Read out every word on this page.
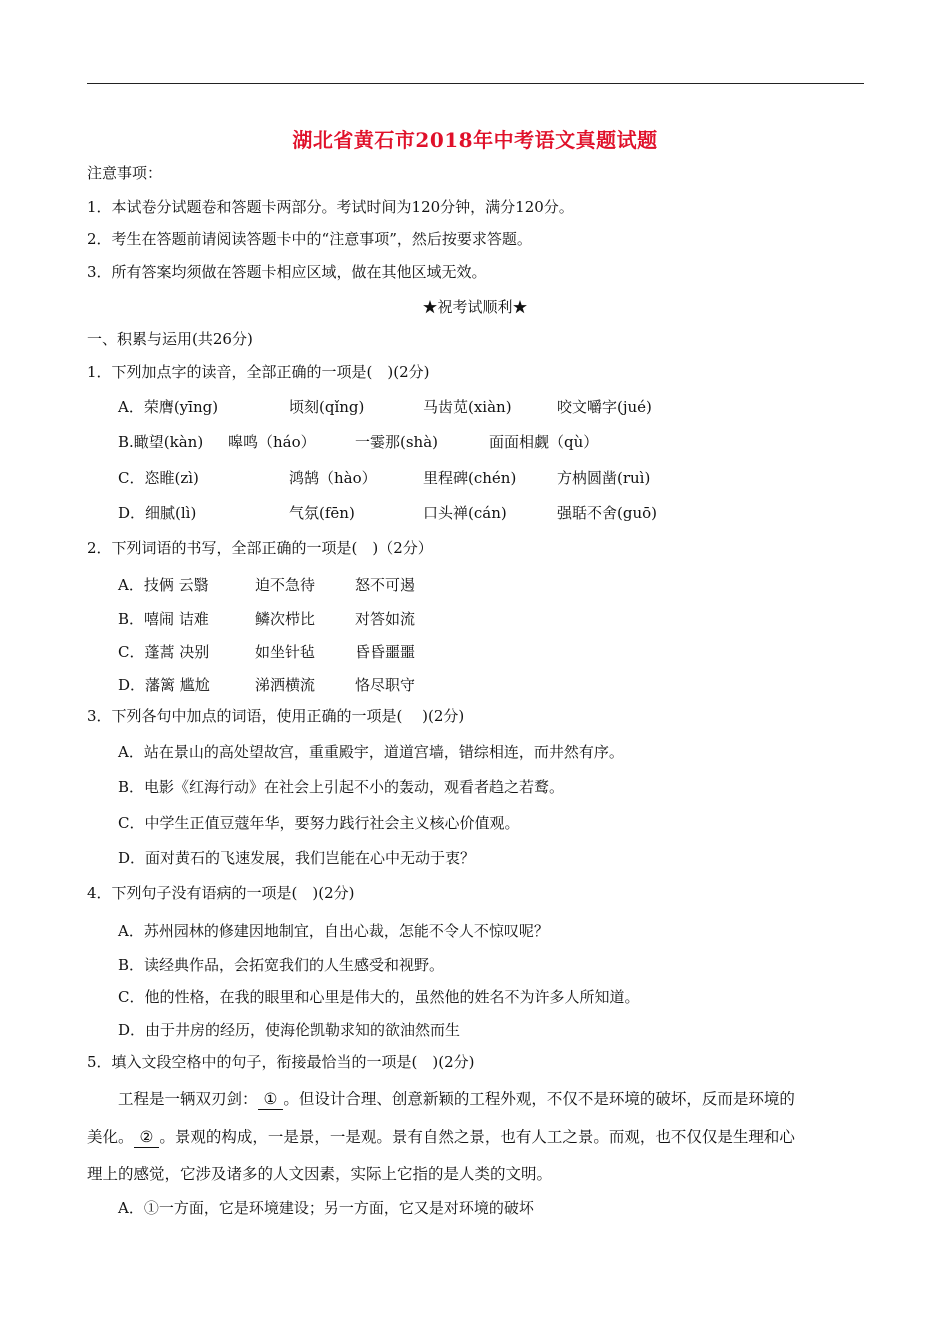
湖北省黄石市2018年中考语文真题试题
注意事项：
1．本试卷分试题卷和答题卡两部分。考试时间为120分钟，满分120分。
2．考生在答题前请阅读答题卡中的“注意事项”，然后按要求答题。
3．所有答案均须做在答题卡相应区域，做在其他区域无效。
★祝考试顺利★
一、积累与运用(共26分)
1．下列加点字的读音，全部正确的一项是(　)(2分)
A．荣膺(yīng)	顷刻(qǐng)	马齿苋(xiàn)	咬文嚼字(jué)
B.瞰望(kàn) 嗥鸣（háo）	一霎那(shà)	面面相觑（qù）
C．恣睢(zì)	鸿鹄（hào）	里程碑(chén)	方枘圆凿(ruì)
D．细腻(lì)	气氛(fēn)	口头禅(cán)	强聒不舍(guō)
2．下列词语的书写，全部正确的一项是(　)（2分）
A．技俩 云翳	迫不急待	怒不可遏
B．嘻闹 诘难	鳞次栉比	对答如流
C．蓬蒿 决别	如坐针毡	昏昏噩噩
D．藩篱 尴尬	涕洒横流	恪尽职守
3．下列各句中加点的词语，使用正确的一项是(　 )(2分)
A．站在景山的高处望故宫，重重殿宇，道道宫墙，错综相连，而井然有序。
B．电影《红海行动》在社会上引起不小的轰动，观看者趋之若鹜。
C．中学生正值豆蔻年华，要努力践行社会主义核心价值观。
D．面对黄石的飞速发展，我们岂能在心中无动于衷？
4．下列句子没有语病的一项是(　)(2分)
A．苏州园林的修建因地制宜，自出心裁，怎能不令人不惊叹呢？
B．读经典作品，会拓宽我们的人生感受和视野。
C．他的性格，在我的眼里和心里是伟大的，虽然他的姓名不为许多人所知道。
D．由于井房的经历，使海伦凯勒求知的欲油然而生
5．填入文段空格中的句子，衔接最恰当的一项是(　)(2分)
工程是一辆双刃剑： ① 。但设计合理、创意新颖的工程外观，不仅不是环境的破坏，反而是环境的
美化。 ② 。景观的构成，一是景，一是观。景有自然之景，也有人工之景。而观，也不仅仅是生理和心
理上的感觉，它涉及诸多的人文因素，实际上它指的是人类的文明。
A．①一方面，它是环境建设；另一方面，它又是对环境的破坏
